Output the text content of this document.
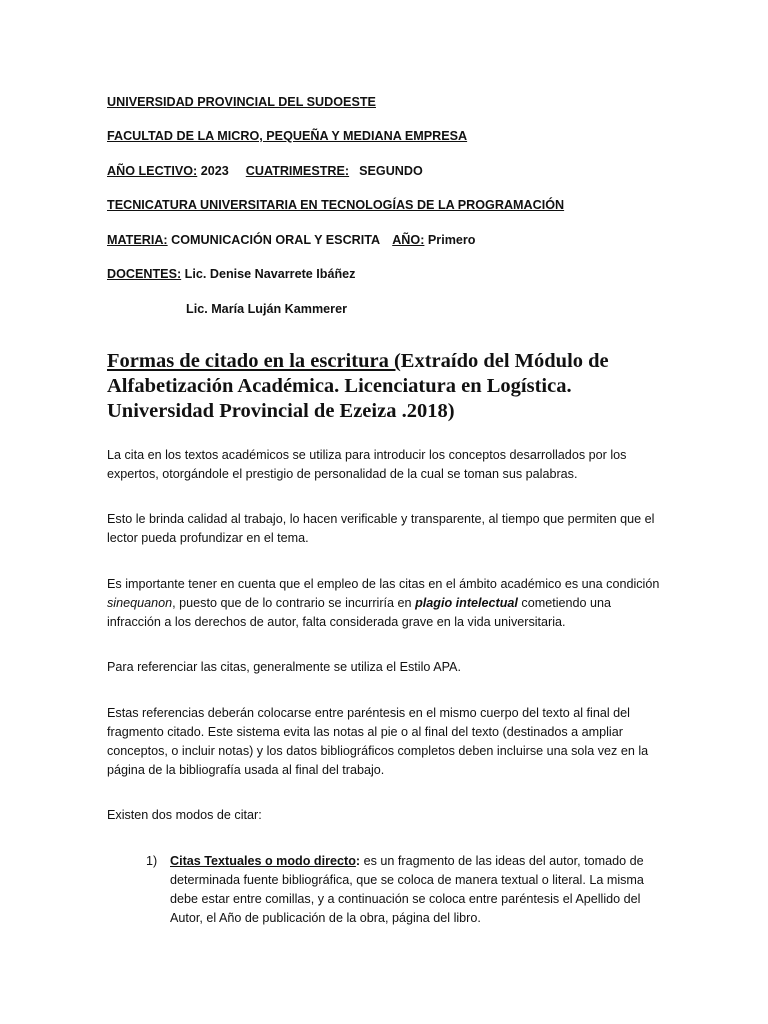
UNIVERSIDAD PROVINCIAL DEL SUDOESTE
FACULTAD DE LA MICRO, PEQUEÑA Y MEDIANA EMPRESA
AÑO LECTIVO: 2023 CUATRIMESTRE: SEGUNDO
TECNICATURA UNIVERSITARIA EN TECNOLOGÍAS DE LA PROGRAMACIÓN
MATERIA: COMUNICACIÓN ORAL Y ESCRITA AÑO: Primero
DOCENTES: Lic. Denise Navarrete Ibáñez
Lic. María Luján Kammerer
Formas de citado en la escritura (Extraído del Módulo de Alfabetización Académica. Licenciatura en Logística. Universidad Provincial de Ezeiza .2018)

La cita en los textos académicos se utiliza para introducir los conceptos desarrollados por los expertos, otorgándole el prestigio de personalidad de la cual se toman sus palabras.

Esto le brinda calidad al trabajo, lo hacen verificable y transparente, al tiempo que permiten que el lector pueda profundizar en el tema.

Es importante tener en cuenta que el empleo de las citas en el ámbito académico es una condición sinequanon, puesto que de lo contrario se incurriría en plagio intelectual cometiendo una infracción a los derechos de autor, falta considerada grave en la vida universitaria.

Para referenciar las citas, generalmente se utiliza el Estilo APA.

Estas referencias deberán colocarse entre paréntesis en el mismo cuerpo del texto al final del fragmento citado. Este sistema evita las notas al pie o al final del texto (destinados a ampliar conceptos, o incluir notas) y los datos bibliográficos completos deben incluirse una sola vez en la página de la bibliografía usada al final del trabajo.

Existen dos modos de citar:

1) Citas Textuales o modo directo: es un fragmento de las ideas del autor, tomado de determinada fuente bibliográfica, que se coloca de manera textual o literal. La misma debe estar entre comillas, y a continuación se coloca entre paréntesis el Apellido del Autor, el Año de publicación de la obra, página del libro.
